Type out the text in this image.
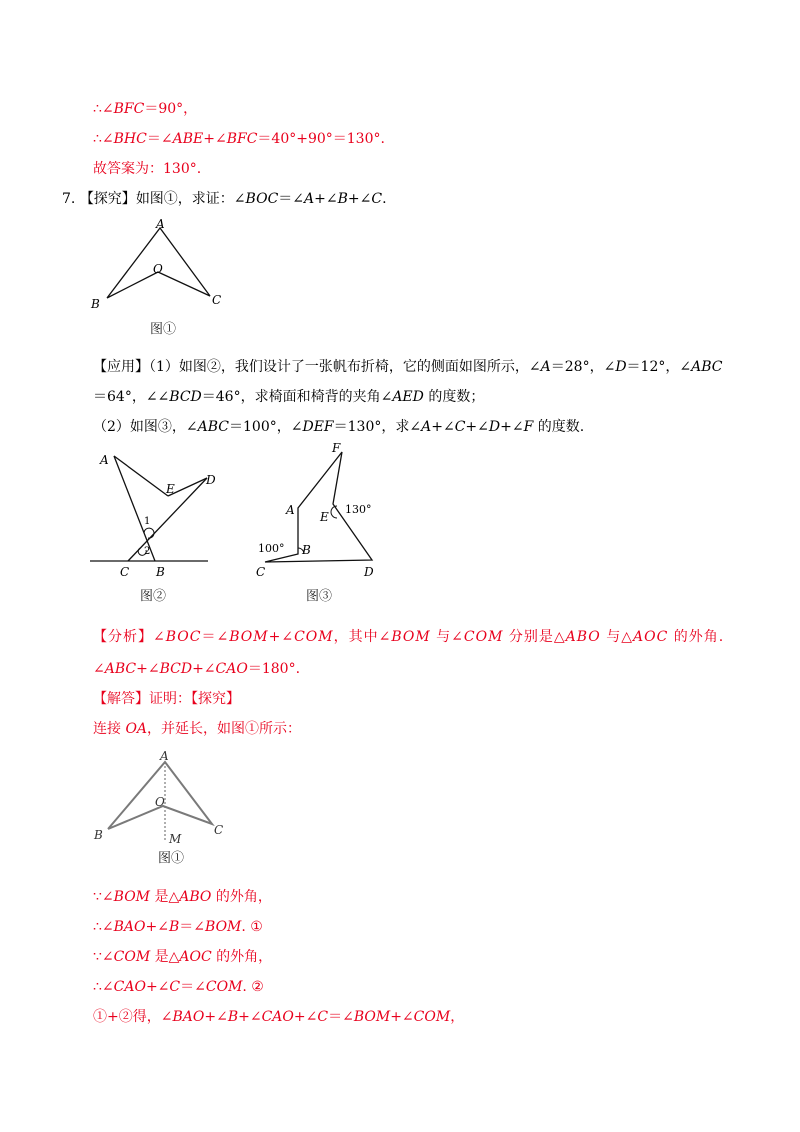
∴∠BFC＝90°，
∴∠BHC＝∠ABE+∠BFC＝40°+90°＝130°.
故答案为：130°.
7. 【探究】如图①，求证：∠BOC＝∠A+∠B+∠C.
A
O
B	C
图①
【应用】（1）如图②，我们设计了一张帆布折椅，它的侧面如图所示，∠A＝28°，∠D＝12°，∠ABC
＝64°，∠∠BCD＝46°，求椅面和椅背的夹角∠AED 的度数；
（2）如图③，∠ABC＝100°，∠DEF＝130°，求∠A+∠C+∠D+∠F 的度数.
A
E
D
1
2
C B
图②
F
A E
130°
100° B
C	D
图③
【分析】∠BOC＝∠BOM+∠COM，其中∠BOM 与∠COM 分别是△ABO 与△AOC 的外角.
∠ABC+∠BCD+∠CAO＝180°.
【解答】证明：【探究】
连接 OA，并延长，如图①所示：
A
O
B	C
M
图①
∵∠BOM 是△ABO 的外角，
∴∠BAO+∠B＝∠BOM. ①
∵∠COM 是△AOC 的外角，
∴∠CAO+∠C＝∠COM. ②
①+②得，∠BAO+∠B+∠CAO+∠C＝∠BOM+∠COM，
